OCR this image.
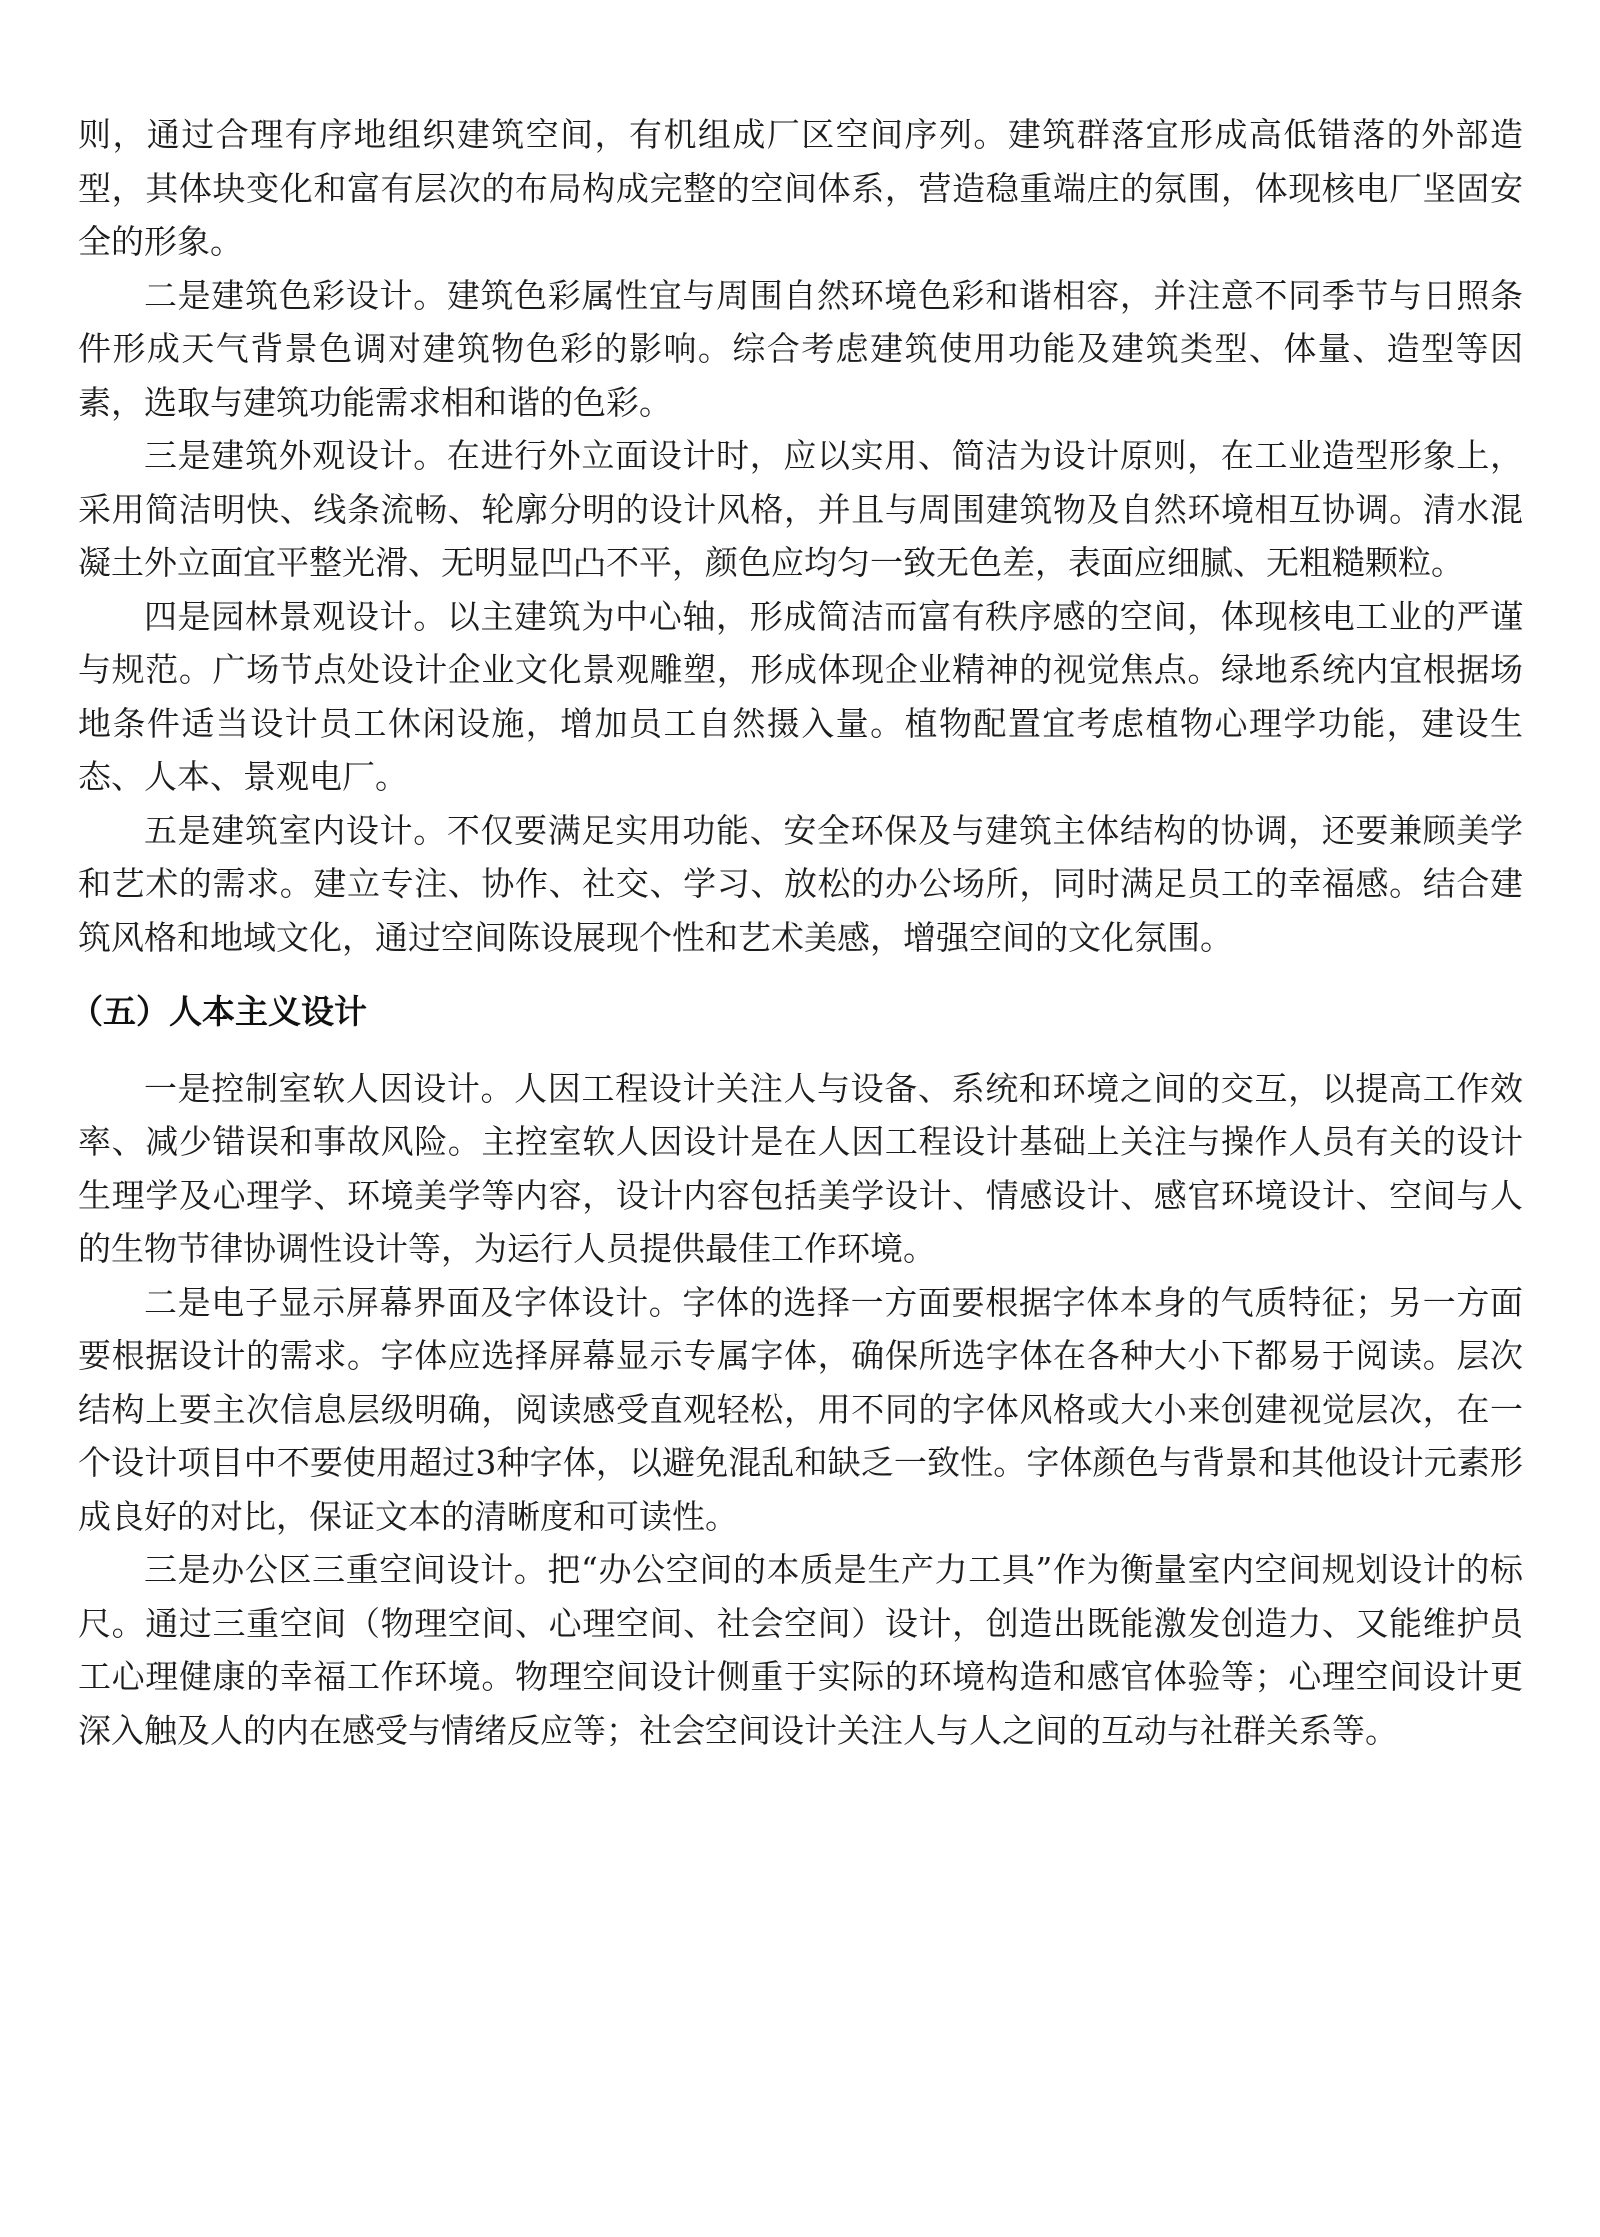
则，通过合理有序地组织建筑空间，有机组成厂区空间序列。建筑群落宜形成高低错落的外部造型，其体块变化和富有层次的布局构成完整的空间体系，营造稳重端庄的氛围，体现核电厂坚固安全的形象。

二是建筑色彩设计。建筑色彩属性宜与周围自然环境色彩和谐相容，并注意不同季节与日照条件形成天气背景色调对建筑物色彩的影响。综合考虑建筑使用功能及建筑类型、体量、造型等因素，选取与建筑功能需求相和谐的色彩。

三是建筑外观设计。在进行外立面设计时，应以实用、简洁为设计原则，在工业造型形象上，采用简洁明快、线条流畅、轮廓分明的设计风格，并且与周围建筑物及自然环境相互协调。清水混凝土外立面宜平整光滑、无明显凹凸不平，颜色应均匀一致无色差，表面应细腻、无粗糙颗粒。

四是园林景观设计。以主建筑为中心轴，形成简洁而富有秩序感的空间，体现核电工业的严谨与规范。广场节点处设计企业文化景观雕塑，形成体现企业精神的视觉焦点。绿地系统内宜根据场地条件适当设计员工休闲设施，增加员工自然摄入量。植物配置宜考虑植物心理学功能，建设生态、人本、景观电厂。

五是建筑室内设计。不仅要满足实用功能、安全环保及与建筑主体结构的协调，还要兼顾美学和艺术的需求。建立专注、协作、社交、学习、放松的办公场所，同时满足员工的幸福感。结合建筑风格和地域文化，通过空间陈设展现个性和艺术美感，增强空间的文化氛围。

（五）人本主义设计

一是控制室软人因设计。人因工程设计关注人与设备、系统和环境之间的交互，以提高工作效率、减少错误和事故风险。主控室软人因设计是在人因工程设计基础上关注与操作人员有关的设计生理学及心理学、环境美学等内容，设计内容包括美学设计、情感设计、感官环境设计、空间与人的生物节律协调性设计等，为运行人员提供最佳工作环境。

二是电子显示屏幕界面及字体设计。字体的选择一方面要根据字体本身的气质特征；另一方面要根据设计的需求。字体应选择屏幕显示专属字体，确保所选字体在各种大小下都易于阅读。层次结构上要主次信息层级明确，阅读感受直观轻松，用不同的字体风格或大小来创建视觉层次，在一个设计项目中不要使用超过3种字体，以避免混乱和缺乏一致性。字体颜色与背景和其他设计元素形成良好的对比，保证文本的清晰度和可读性。

三是办公区三重空间设计。把“办公空间的本质是生产力工具”作为衡量室内空间规划设计的标尺。通过三重空间（物理空间、心理空间、社会空间）设计，创造出既能激发创造力、又能维护员工心理健康的幸福工作环境。物理空间设计侧重于实际的环境构造和感官体验等；心理空间设计更深入触及人的内在感受与情绪反应等；社会空间设计关注人与人之间的互动与社群关系等。
